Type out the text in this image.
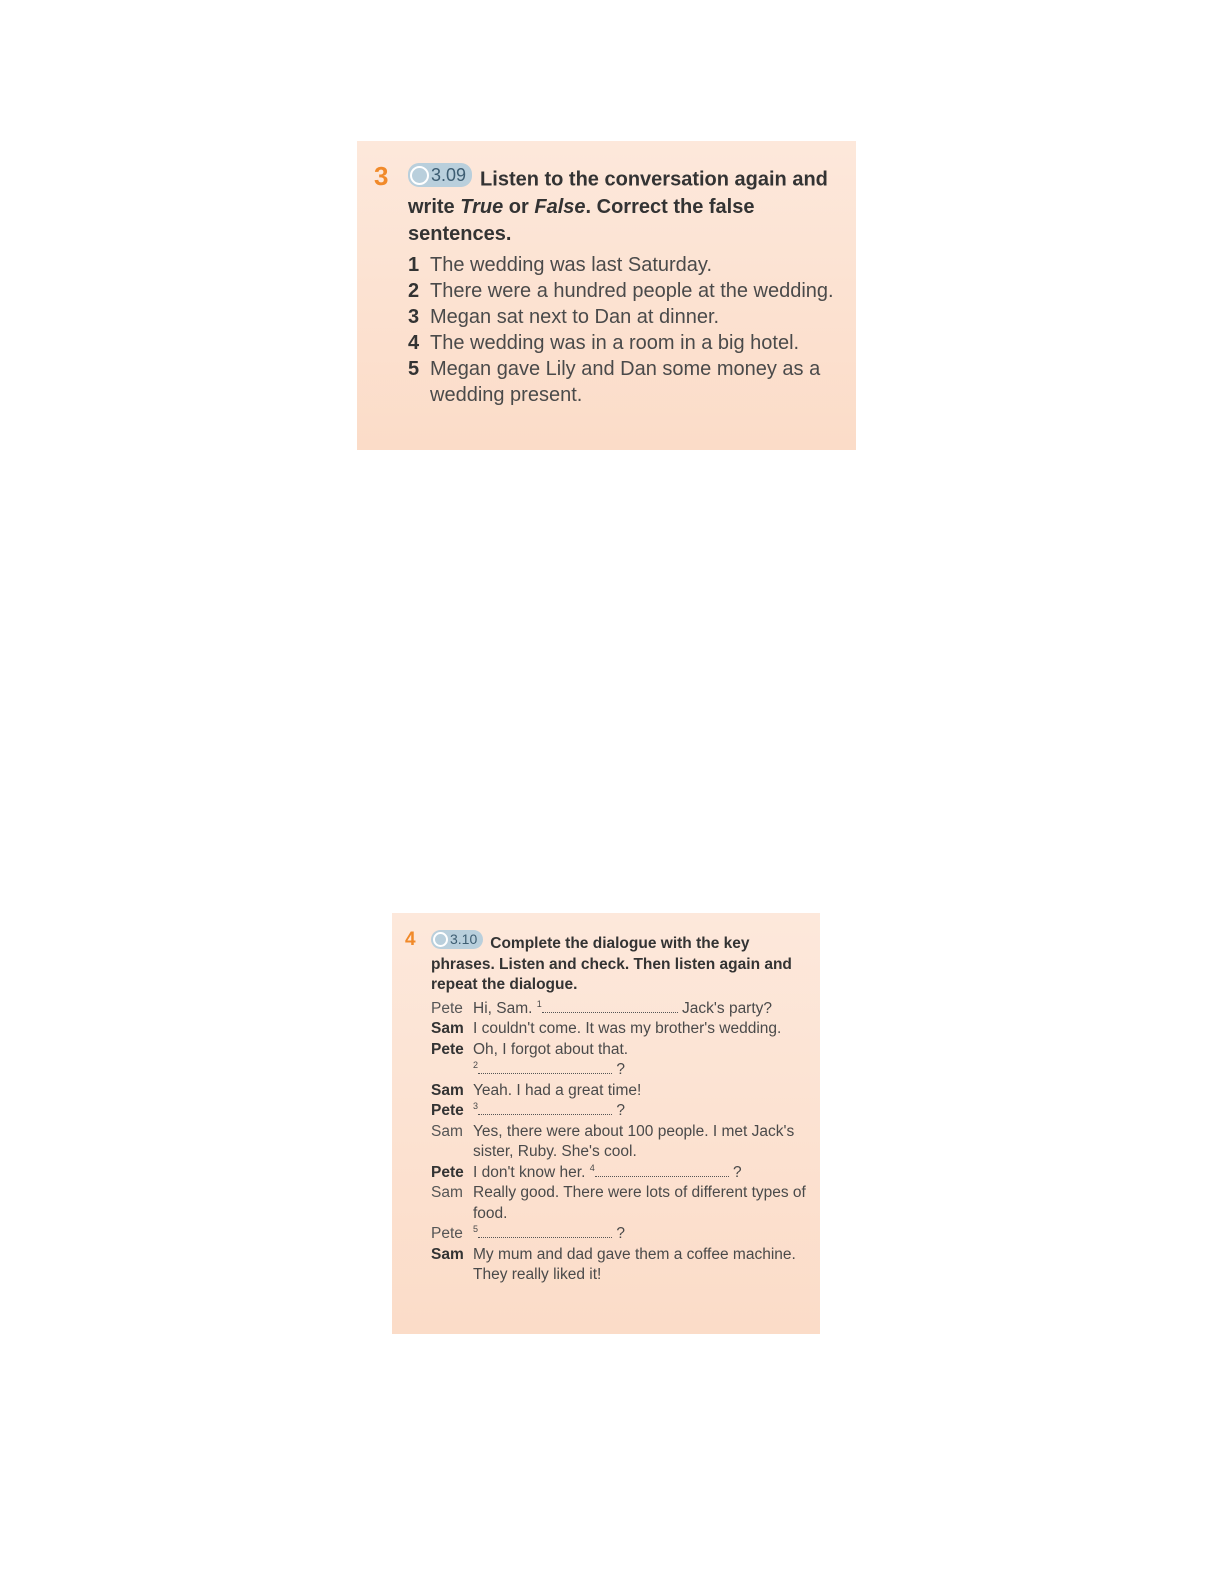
3 3.09 Listen to the conversation again and write True or False. Correct the false sentences.
1 The wedding was last Saturday.
2 There were a hundred people at the wedding.
3 Megan sat next to Dan at dinner.
4 The wedding was in a room in a big hotel.
5 Megan gave Lily and Dan some money as a wedding present.
4 3.10 Complete the dialogue with the key phrases. Listen and check. Then listen again and repeat the dialogue.
Pete Hi, Sam. $^1$	Jack's party?
Sam I couldn't come. It was my brother's wedding.
Pete Oh, I forgot about that.
$^2$	?
Sam Yeah. I had a great time!
Pete	$^3$	?
Sam Yes, there were about 100 people. I met Jack's sister, Ruby. She's cool.
Pete I don't know her. $^4$	?
Sam Really good. There were lots of different types of food.
Pete	$^5$	?
Sam My mum and dad gave them a coffee machine. They really liked it!
